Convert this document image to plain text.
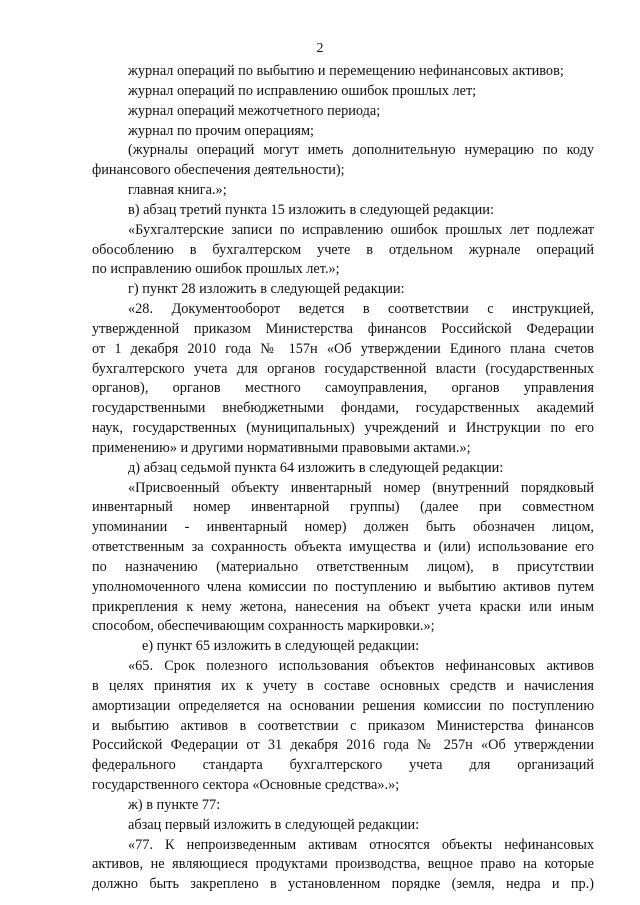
2

журнал операций по выбытию и перемещению нефинансовых активов;

журнал операций по исправлению ошибок прошлых лет;

журнал операций межотчетного периода;

журнал по прочим операциям;

(журналы операций могут иметь дополнительную нумерацию по коду

финансового обеспечения деятельности);

главная книга.»;

в) абзац третий пункта 15 изложить в следующей редакции:

«Бухгалтерские записи по исправлению ошибок прошлых лет подлежат

обособлению в бухгалтерском учете в отдельном журнале операций

по исправлению ошибок прошлых лет.»;

г) пункт 28 изложить в следующей редакции:

«28. Документооборот ведется в соответствии с инструкцией,

утвержденной приказом Министерства финансов Российской Федерации

от 1 декабря 2010 года № 157н «Об утверждении Единого плана счетов

бухгалтерского учета для органов государственной власти (государственных

органов), органов местного самоуправления, органов управления

государственными внебюджетными фондами, государственных академий

наук, государственных (муниципальных) учреждений и Инструкции по его

применению» и другими нормативными правовыми актами.»;

д) абзац седьмой пункта 64 изложить в следующей редакции:

«Присвоенный объекту инвентарный номер (внутренний порядковый

инвентарный номер инвентарной группы) (далее при совместном

упоминании - инвентарный номер) должен быть обозначен лицом,

ответственным за сохранность объекта имущества и (или) использование его

по назначению (материально ответственным лицом), в присутствии

уполномоченного члена комиссии по поступлению и выбытию активов путем

прикрепления к нему жетона, нанесения на объект учета краски или иным

способом, обеспечивающим сохранность маркировки.»;

е) пункт 65 изложить в следующей редакции:

«65. Срок полезного использования объектов нефинансовых активов

в целях принятия их к учету в составе основных средств и начисления

амортизации определяется на основании решения комиссии по поступлению

и выбытию активов в соответствии с приказом Министерства финансов

Российской Федерации от 31 декабря 2016 года № 257н «Об утверждении

федерального стандарта бухгалтерского учета для организаций

государственного сектора «Основные средства».»;

ж) в пункте 77:

абзац первый изложить в следующей редакции:

«77. К непроизведенным активам относятся объекты нефинансовых

активов, не являющиеся продуктами производства, вещное право на которые

должно быть закреплено в установленном порядке (земля, недра и пр.)
